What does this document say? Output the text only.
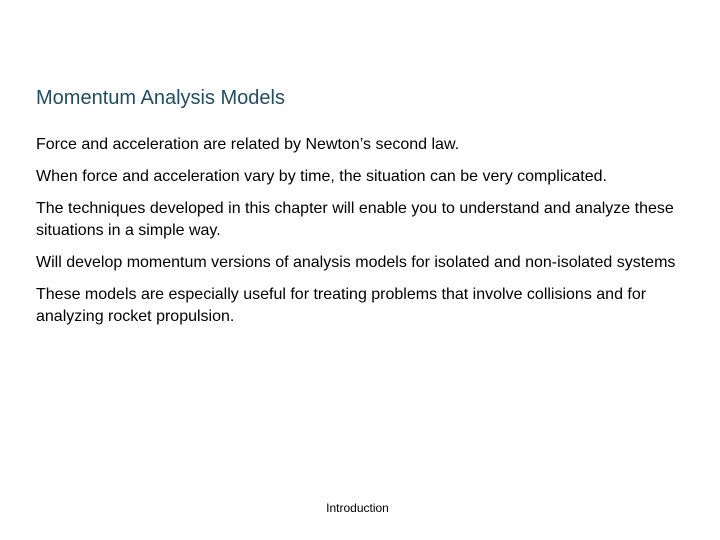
Momentum Analysis Models

Force and acceleration are related by Newton’s second law.

When force and acceleration vary by time, the situation can be very complicated.

The techniques developed in this chapter will enable you to understand and analyze these situations in a simple way.

Will develop momentum versions of analysis models for isolated and non-isolated systems

These models are especially useful for treating problems that involve collisions and for analyzing rocket propulsion.

Introduction
